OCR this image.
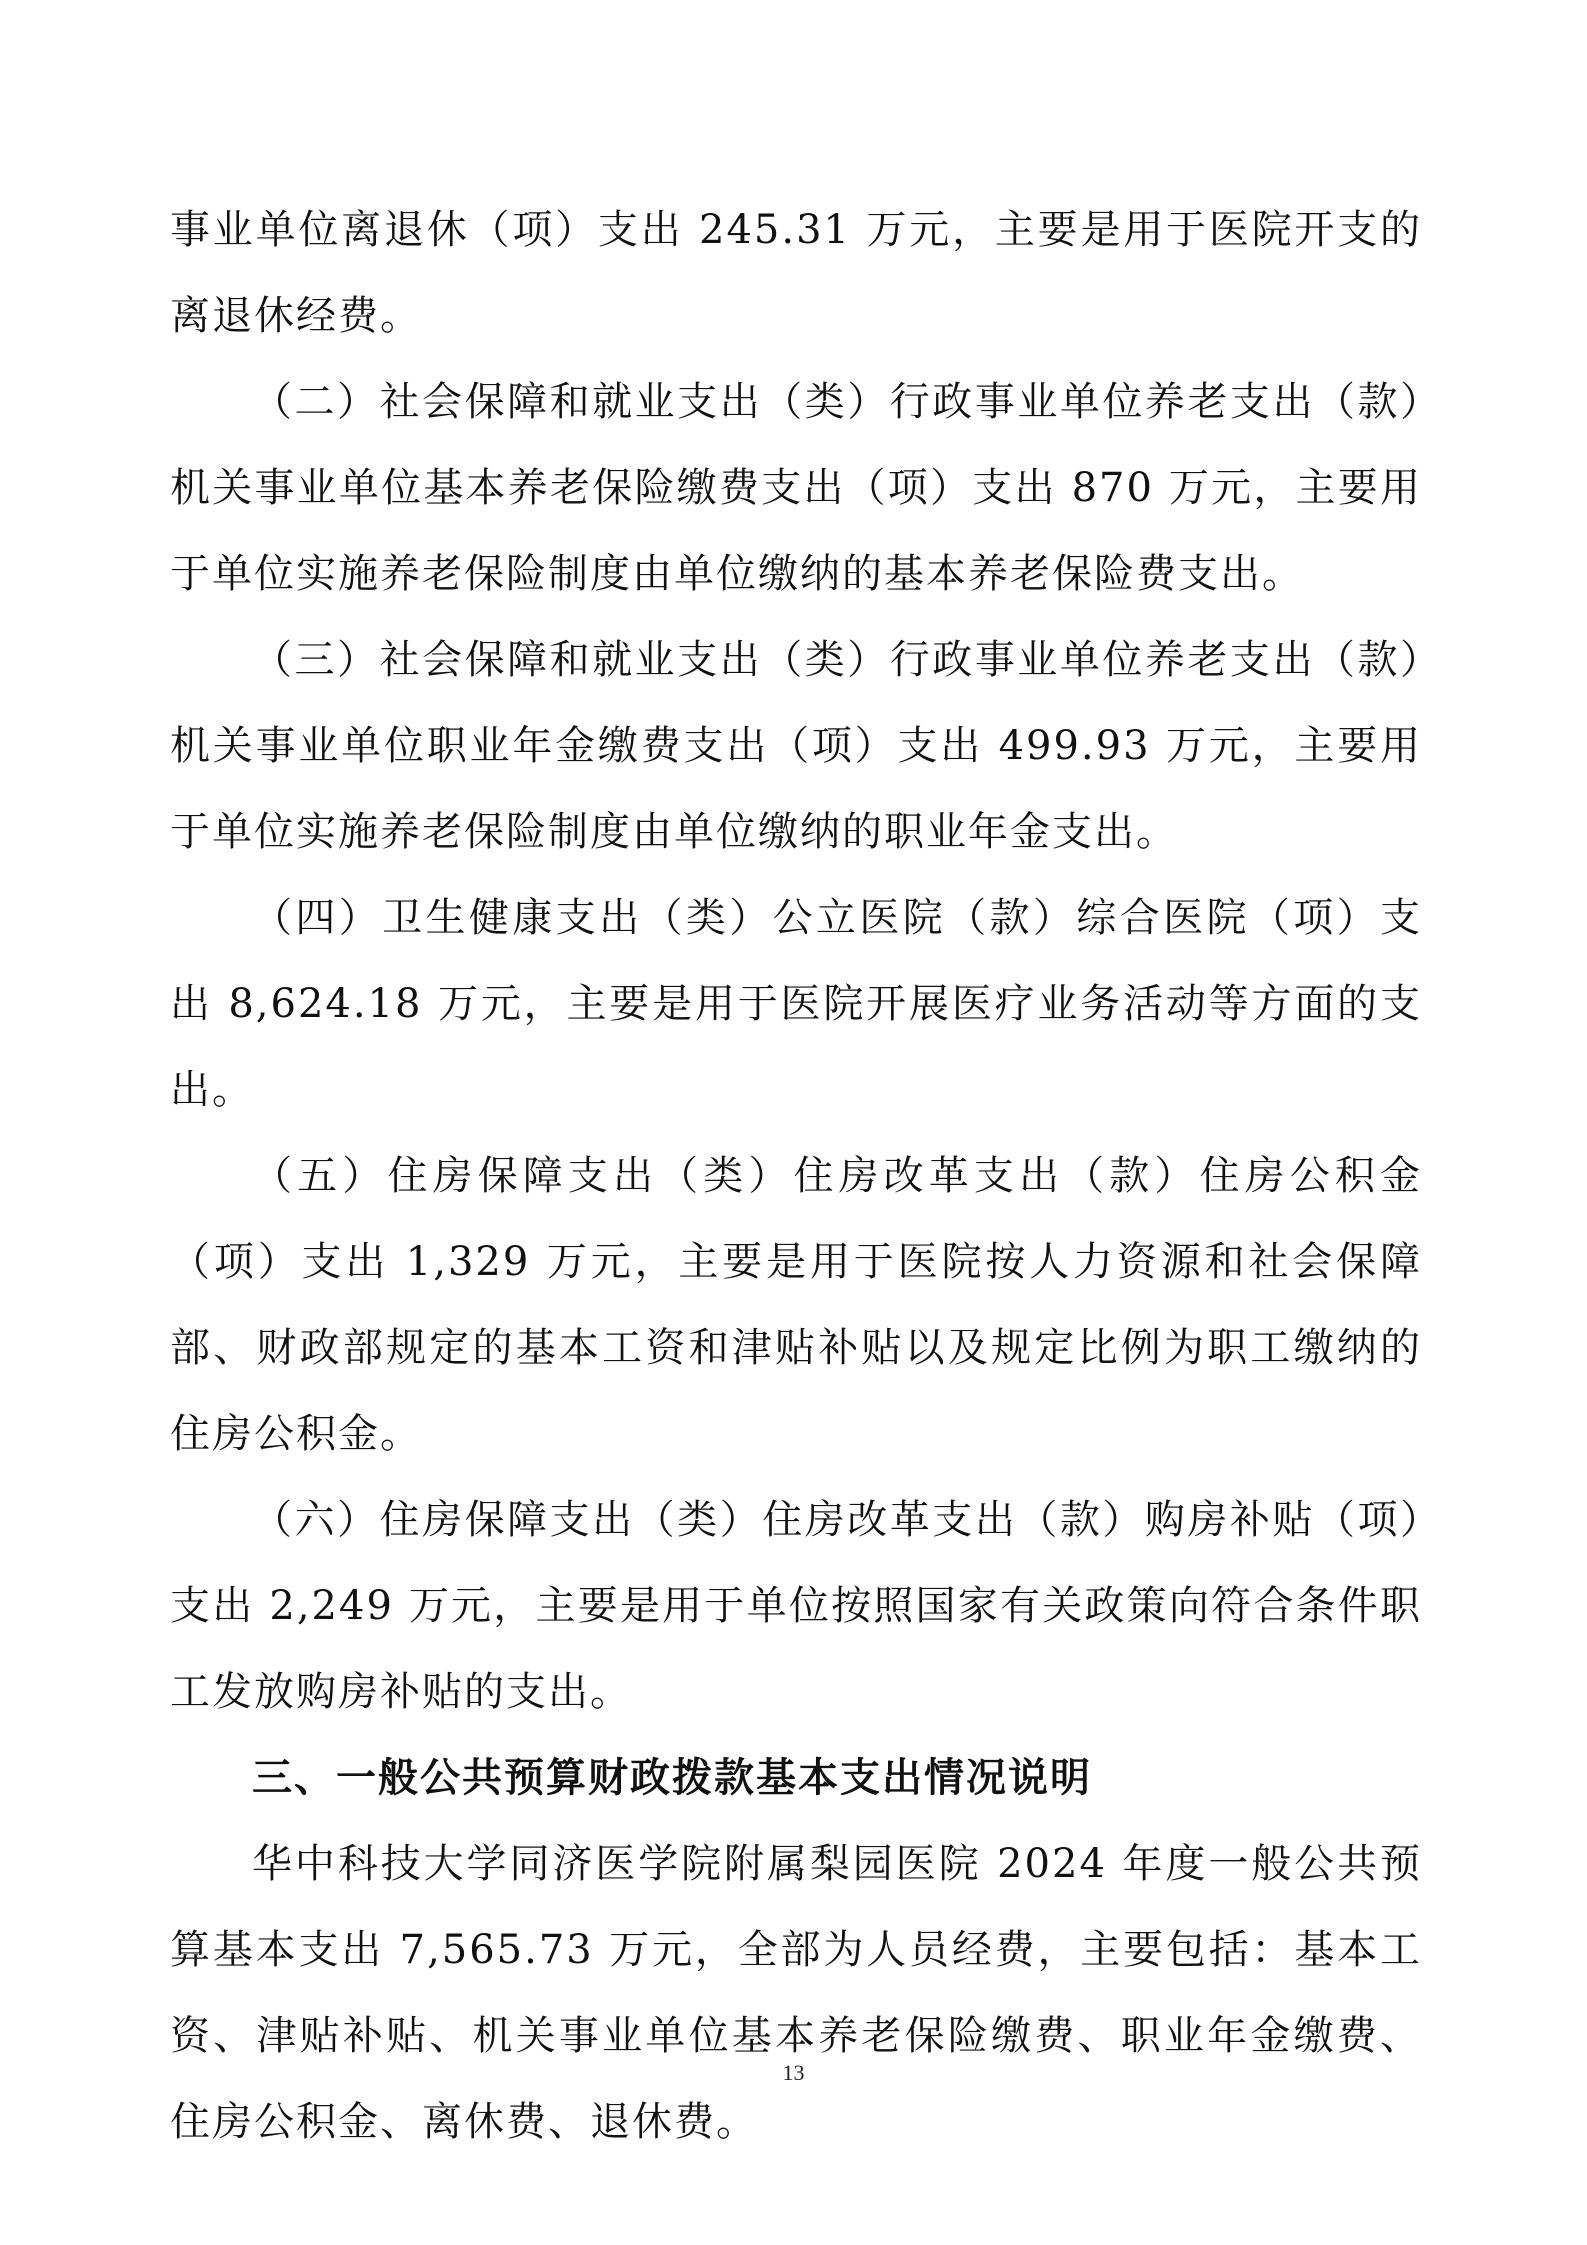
事业单位离退休（项）支出 245.31 万元，主要是用于医院开支的离退休经费。

（二）社会保障和就业支出（类）行政事业单位养老支出（款）机关事业单位基本养老保险缴费支出（项）支出 870 万元，主要用于单位实施养老保险制度由单位缴纳的基本养老保险费支出。

（三）社会保障和就业支出（类）行政事业单位养老支出（款）机关事业单位职业年金缴费支出（项）支出 499.93 万元，主要用于单位实施养老保险制度由单位缴纳的职业年金支出。

（四）卫生健康支出（类）公立医院（款）综合医院（项）支出 8,624.18 万元，主要是用于医院开展医疗业务活动等方面的支出。

（五）住房保障支出（类）住房改革支出（款）住房公积金（项）支出 1,329 万元，主要是用于医院按人力资源和社会保障部、财政部规定的基本工资和津贴补贴以及规定比例为职工缴纳的住房公积金。

（六）住房保障支出（类）住房改革支出（款）购房补贴（项）支出 2,249 万元，主要是用于单位按照国家有关政策向符合条件职工发放购房补贴的支出。

三、一般公共预算财政拨款基本支出情况说明

华中科技大学同济医学院附属梨园医院 2024 年度一般公共预算基本支出 7,565.73 万元，全部为人员经费，主要包括：基本工资、津贴补贴、机关事业单位基本养老保险缴费、职业年金缴费、住房公积金、离休费、退休费。

13
